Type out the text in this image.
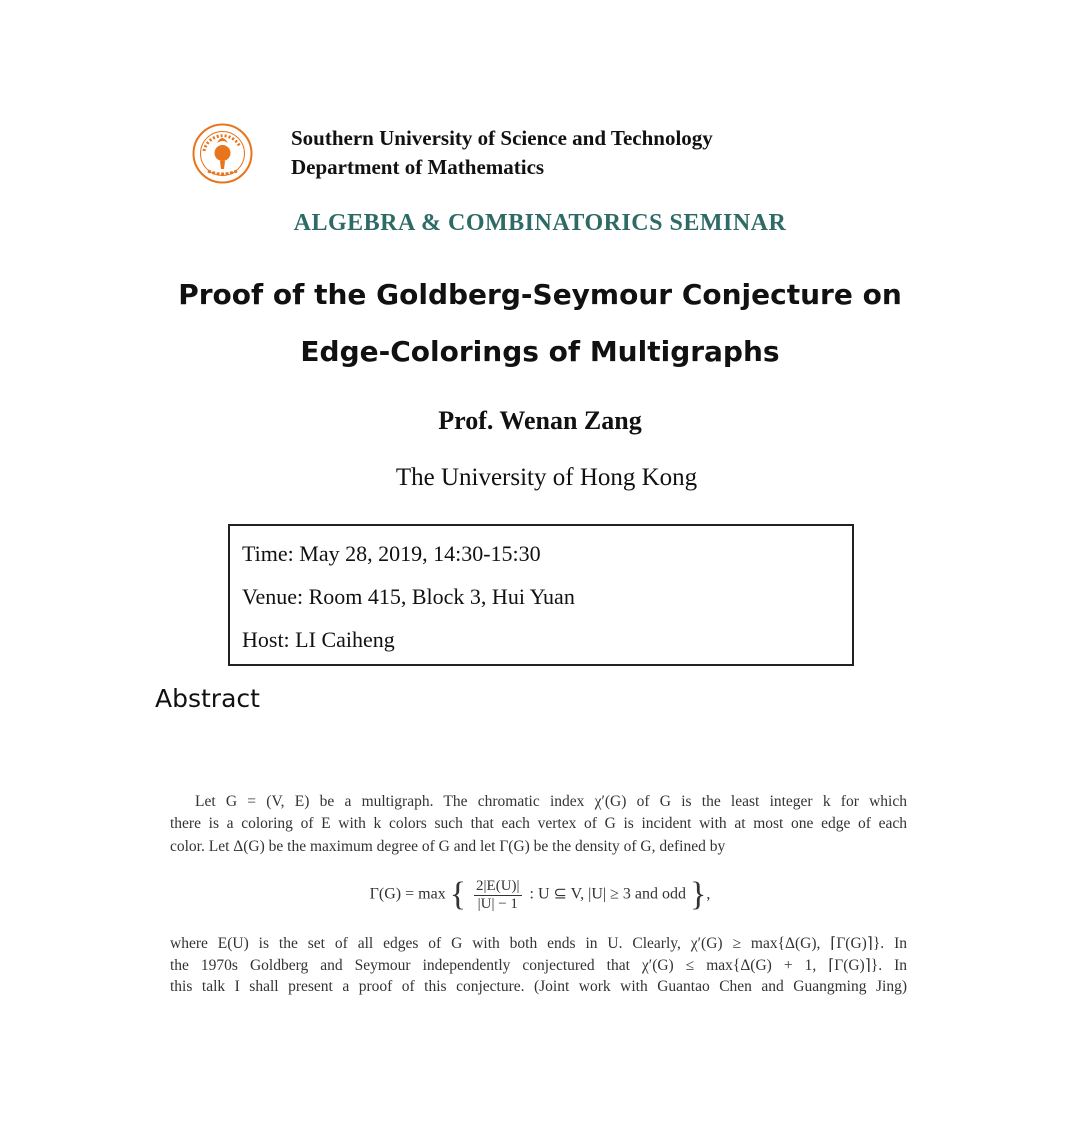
Southern University of Science and Technology
Department of Mathematics
ALGEBRA & COMBINATORICS SEMINAR
Proof of the Goldberg-Seymour Conjecture on
Edge-Colorings of Multigraphs
Prof. Wenan Zang
The University of Hong Kong
Time: May 28, 2019, 14:30-15:30
Venue: Room 415, Block 3, Hui Yuan
Host: LI Caiheng
Abstract
Let G = (V, E) be a multigraph. The chromatic index χ′(G) of G is the least integer k for which
there is a coloring of E with k colors such that each vertex of G is incident with at most one edge of each
color. Let Δ(G) be the maximum degree of G and let Γ(G) be the density of G, defined by
Γ(G) = max { $\frac{2|E(U)|}{|U| - 1}$ : U ⊆ V, |U| ≥ 3 and odd },
where E(U) is the set of all edges of G with both ends in U. Clearly, χ′(G) ≥ max{Δ(G), ⌈Γ(G)⌉}. In
the 1970s Goldberg and Seymour independently conjectured that χ′(G) ≤ max{Δ(G) + 1, ⌈Γ(G)⌉}. In
this talk I shall present a proof of this conjecture. (Joint work with Guantao Chen and Guangming Jing)
